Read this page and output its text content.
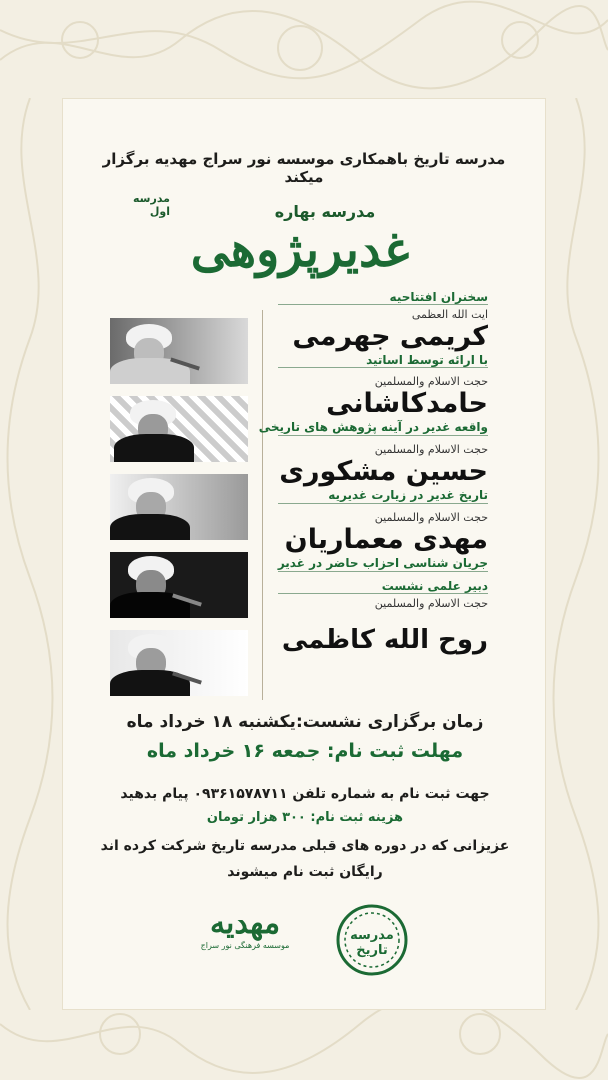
مدرسه تاریخ باهمکاری موسسه نور سراج مهدیه برگزار میکند
مدرسه بهاره
مدرسه اول
غدیرپژوهی
سخنران افتتاحیه
ایت الله العظمی
کریمی جهرمی
با ارائه توسط اساتید
حجت الاسلام والمسلمین
حامدکاشانی
واقعه غدیر در آینه پژوهش های تاریخی
حجت الاسلام والمسلمین
حسین مشکوری
تاریخ غدیر در زیارت غدیریه
حجت الاسلام والمسلمین
مهدی معماریان
جریان شناسی احزاب حاضر در غدیر
دبیر علمی نشست
حجت الاسلام والمسلمین
روح الله کاظمی
زمان برگزاری نشست:یکشنبه ۱۸ خرداد ماه
مهلت ثبت نام: جمعه ۱۶ خرداد ماه
جهت ثبت نام به شماره تلفن ۰۹۳۶۱۵۷۸۷۱۱ پیام بدهید
هزینه ثبت نام: ۳۰۰ هزار تومان
عزیزانی که در دوره های قبلی مدرسه تاریخ شرکت کرده اند
رایگان ثبت نام میشوند
مهدیه
موسسه فرهنگی نور سراج
مدرسه تاریخ
